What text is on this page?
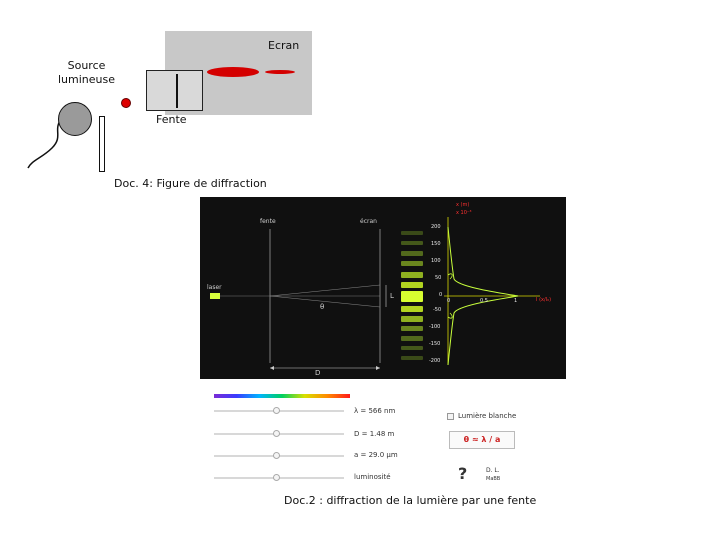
Ecran
Source
lumineuse
Fente
Doc. 4: Figure de diffraction
laser
fente	écran
L
θ
D
x (m)
x 10⁻³
200
150
100
50
0
-50
-100
-150
-200
0	0.5	1	I (x/I₀)
λ = 566 nm
D = 1.48 m
a = 29.0 μm
luminosité
Lumière blanche
θ ≈ λ / a
?	D. L.
MaBB
Doc.2 : diffraction de la lumière par une fente
